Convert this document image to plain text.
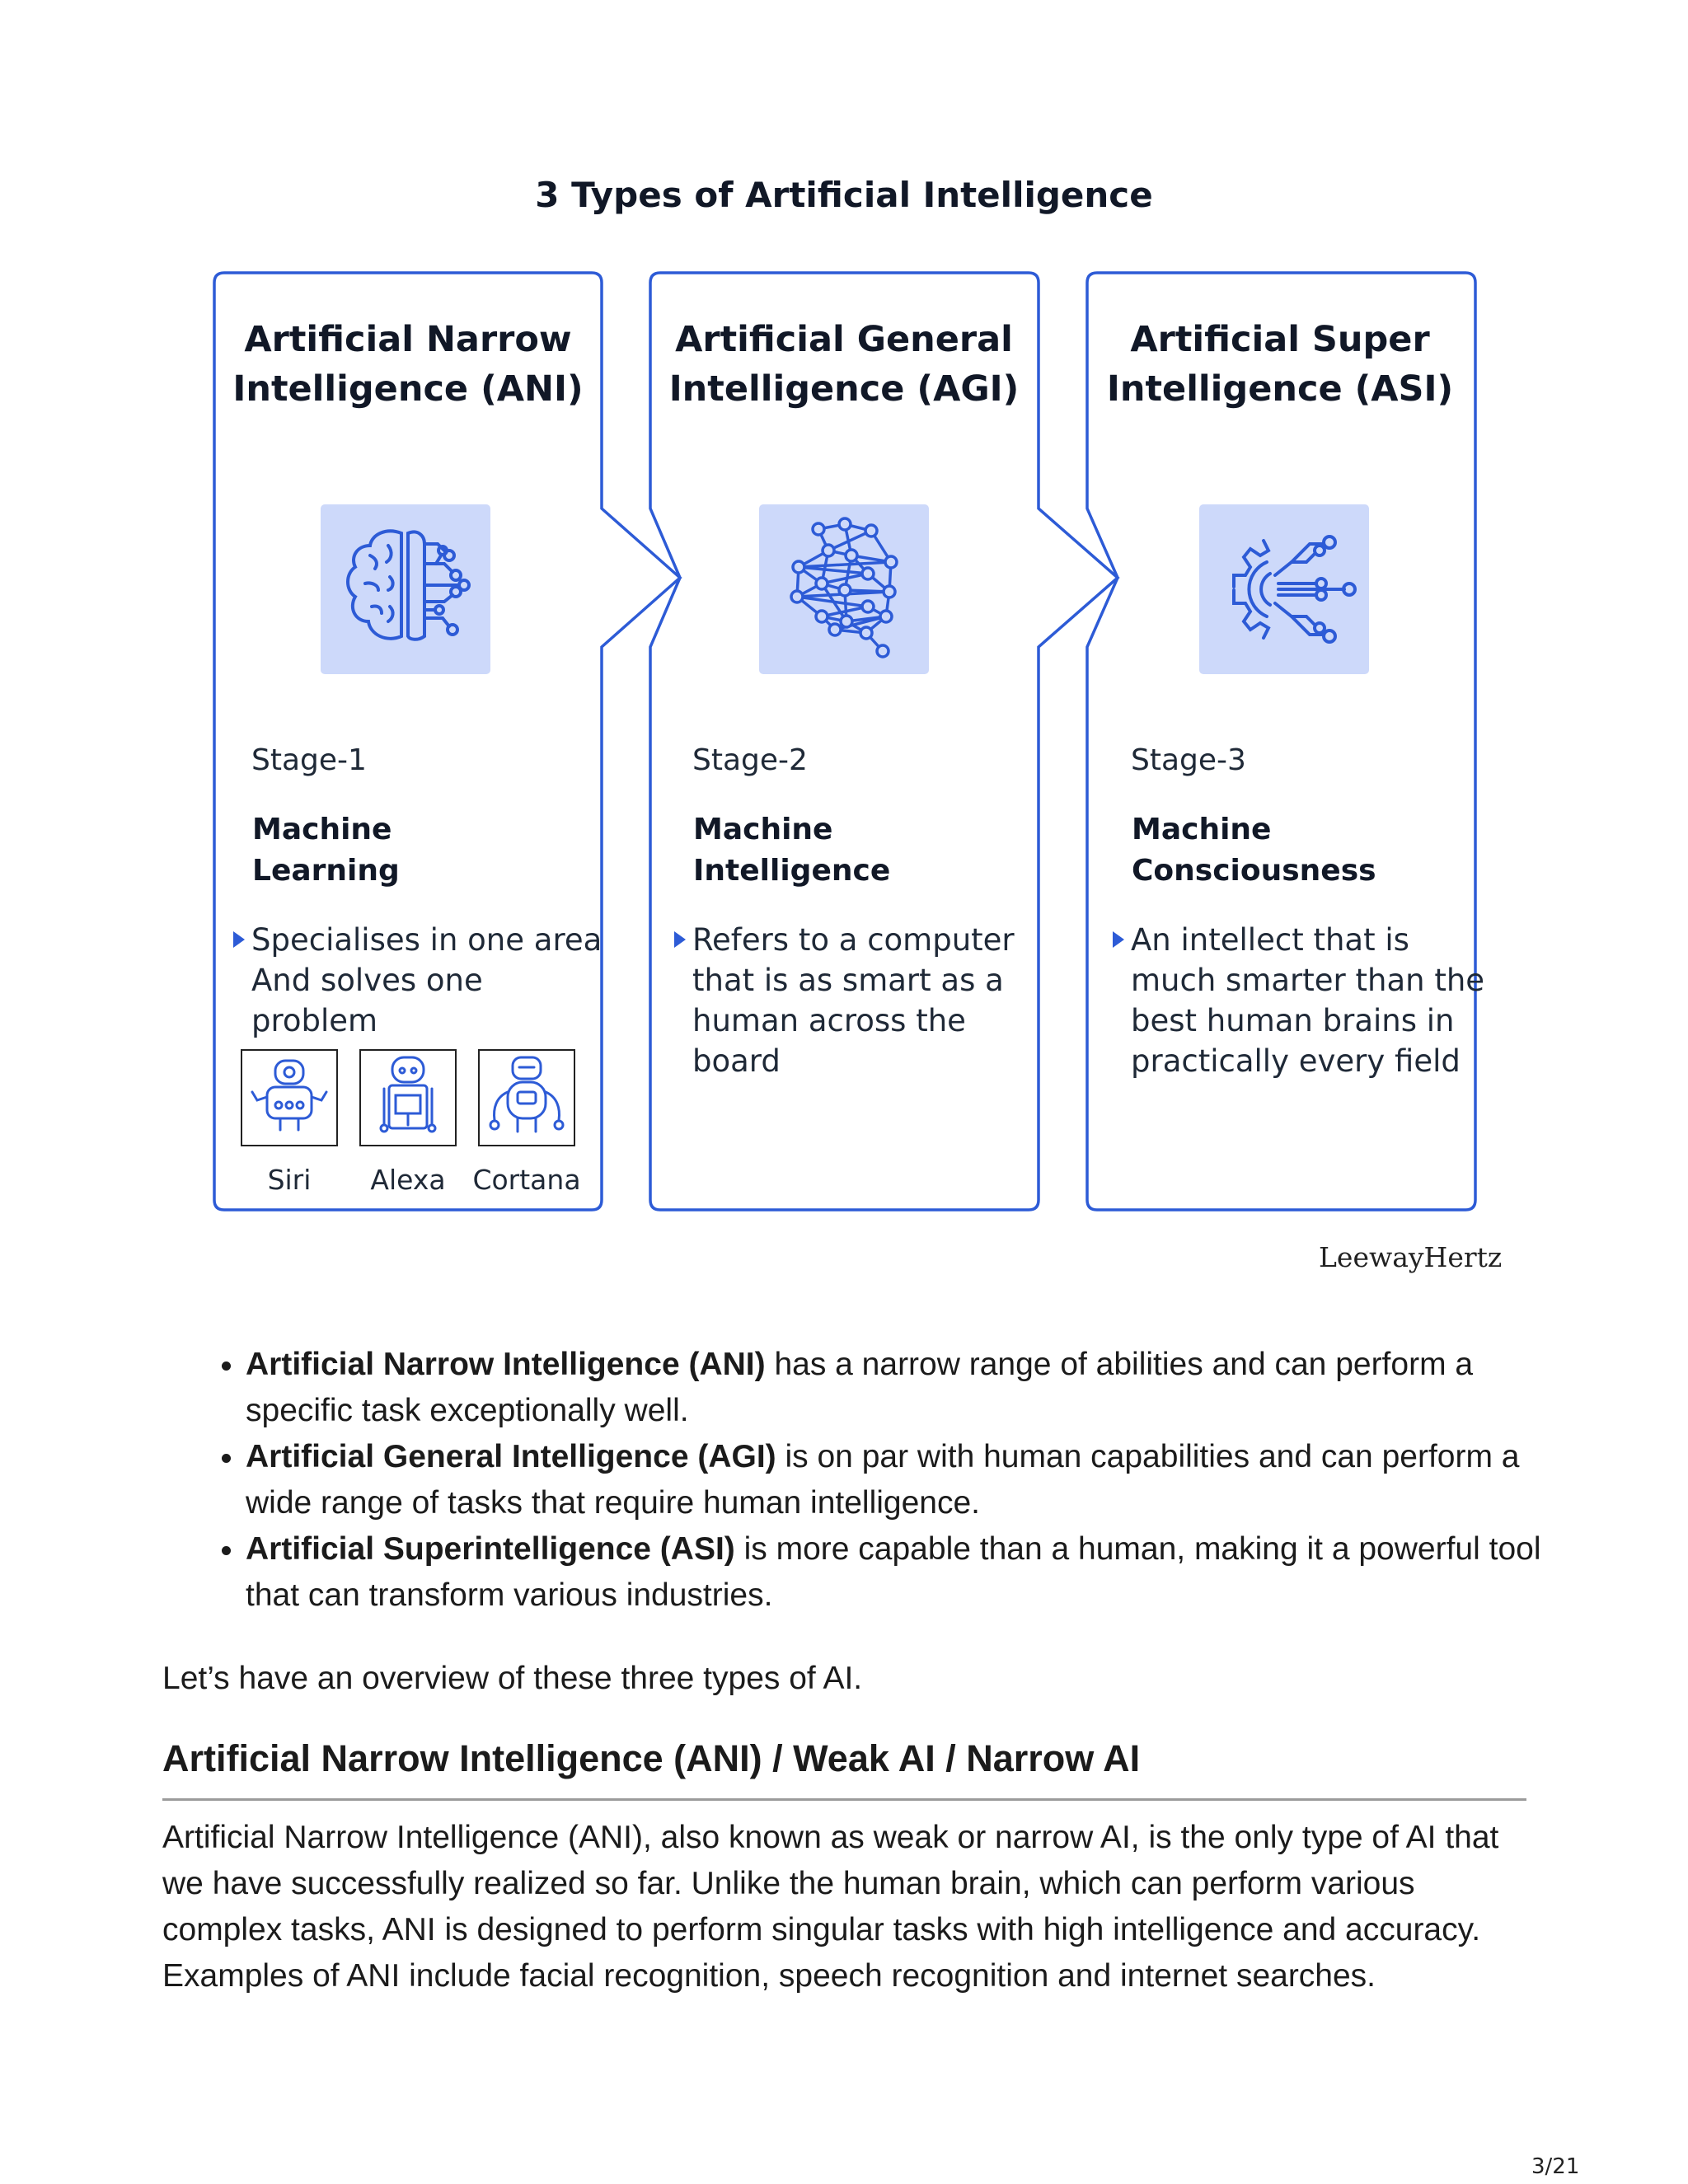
3 Types of Artificial Intelligence
Artificial Narrow
Intelligence (ANI)
Stage-1
Machine
Learning
Specialises in one area
And solves one problem
Siri	Alexa Cortana
Artificial General
Intelligence (AGI)
Stage-2
Machine
Intelligence
Refers to a computer
that is as smart as a
human across the
board
Artificial Super
Intelligence (ASI)
Stage-3
Machine
Consciousness
An intellect that is
much smarter than the
best human brains in
practically every field
LeewayHertz
• Artificial Narrow Intelligence (ANI) has a narrow range of abilities and can perform a specific task exceptionally well.
• Artificial General Intelligence (AGI) is on par with human capabilities and can perform a wide range of tasks that require human intelligence.
• Artificial Superintelligence (ASI) is more capable than a human, making it a powerful tool that can transform various industries.

Let’s have an overview of these three types of AI.

Artificial Narrow Intelligence (ANI) / Weak AI / Narrow AI

Artificial Narrow Intelligence (ANI), also known as weak or narrow AI, is the only type of AI that we have successfully realized so far. Unlike the human brain, which can perform various complex tasks, ANI is designed to perform singular tasks with high intelligence and accuracy. Examples of ANI include facial recognition, speech recognition and internet searches.

3/21
